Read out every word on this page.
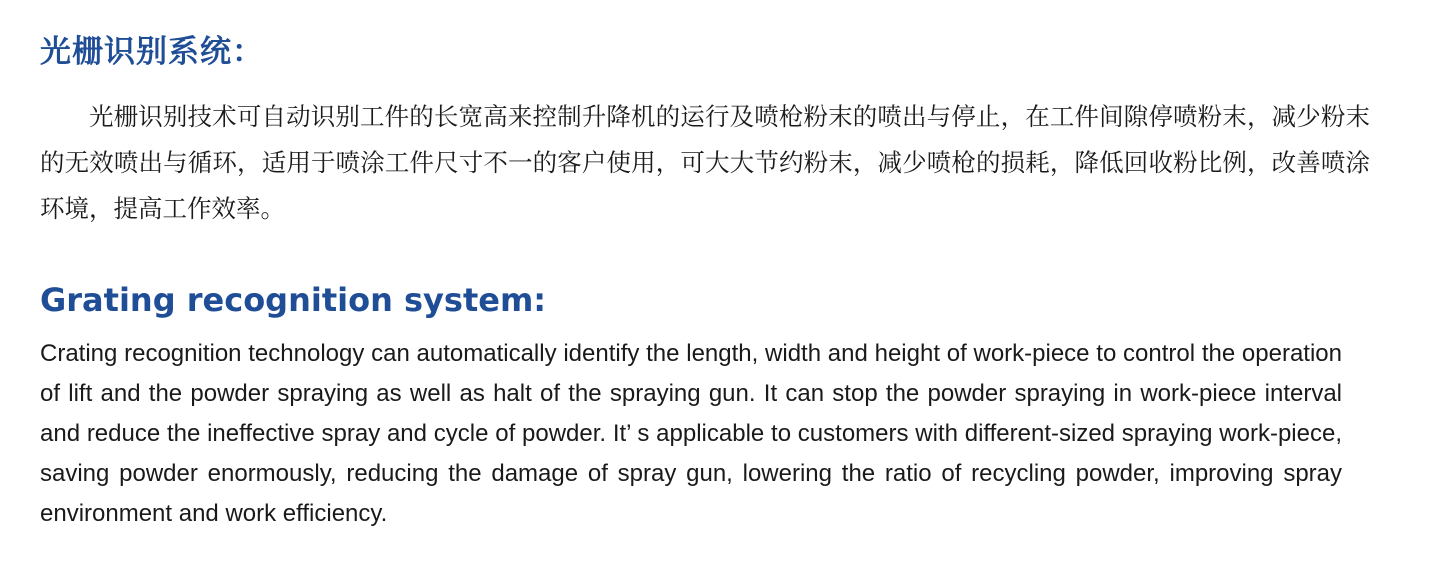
光栅识别系统：

光栅识别技术可自动识别工件的长宽高来控制升降机的运行及喷枪粉末的喷出与停止，在工件间隙停喷粉末，减少粉末的无效喷出与循环，适用于喷涂工件尺寸不一的客户使用，可大大节约粉末，减少喷枪的损耗，降低回收粉比例，改善喷涂环境，提高工作效率。

Grating recognition system:

Crating recognition technology can automatically identify the length, width and height of work-piece to control the operation of lift and the powder spraying as well as halt of the spraying gun. It can stop the powder spraying in work-piece interval and reduce the ineffective spray and cycle of powder. It’ s applicable to customers with different-sized spraying work-piece, saving powder enormously, reducing the damage of spray gun, lowering the ratio of recycling powder, improving spray environment and work efficiency.
